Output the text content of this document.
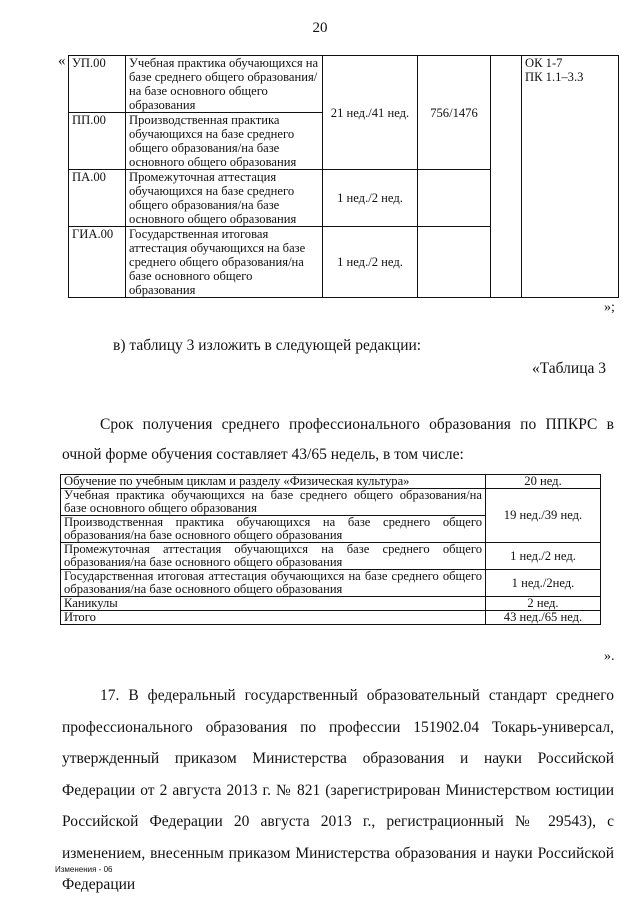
20
« УП.00	Учебная практика обучающихся на базе среднего общего образования/на базе основного общего образования	21 нед./41 нед.	756/1476		ОК 1-7
ПК 1.1–3.3

ПП.00	Производственная практика обучающихся на базе среднего общего образования/на базе основного общего образования				
ПА.00	Промежуточная аттестация обучающихся на базе среднего общего образования/на базе основного общего образования	1 нед./2 нед.			
ГИА.00	Государственная итоговая аттестация обучающихся на базе среднего общего образования/на базе основного общего образования	1 нед./2 нед.			
»;
в) таблицу 3 изложить в следующей редакции:
«Таблица 3
Срок получения среднего профессионального образования по ППКРС в очной форме обучения составляет 43/65 недель, в том числе:
Обучение по учебным циклам и разделу «Физическая культура»	20 нед.
Учебная практика обучающихся на базе среднего общего образования/на базе основного общего образования	19 нед./39 нед.
Производственная практика обучающихся на базе среднего общего образования/на базе основного общего образования	
Промежуточная аттестация обучающихся на базе среднего общего образования/на базе основного общего образования	1 нед./2 нед.
Государственная итоговая аттестация обучающихся на базе среднего общего образования/на базе основного общего образования	1 нед./2нед.
Каникулы	2 нед.
Итого	43 нед./65 нед.
».
17. В федеральный государственный образовательный стандарт среднего профессионального образования по профессии 151902.04 Токарь-универсал, утвержденный приказом Министерства образования и науки Российской Федерации от 2 августа 2013 г. № 821 (зарегистрирован Министерством юстиции Российской Федерации 20 августа 2013 г., регистрационный № 29543), с изменением, внесенным приказом Министерства образования и науки Российской Федерации
Изменения - 06
